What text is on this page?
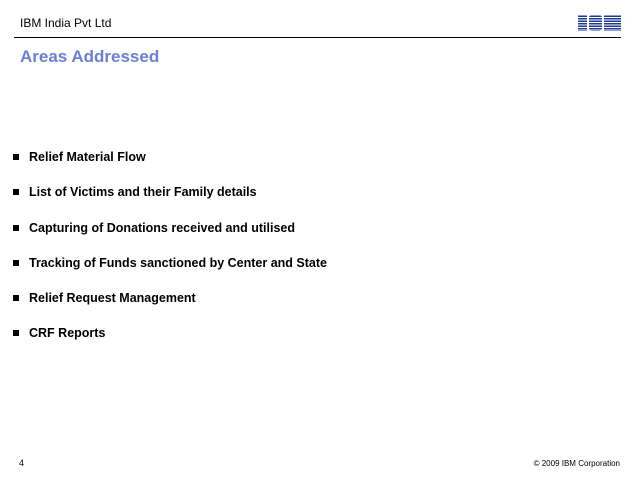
IBM India Pvt Ltd
Areas Addressed
Relief Material Flow
List of Victims and their Family details
Capturing of Donations received and utilised
Tracking of Funds sanctioned by Center and State
Relief Request Management
CRF Reports
4	© 2009 IBM Corporation
